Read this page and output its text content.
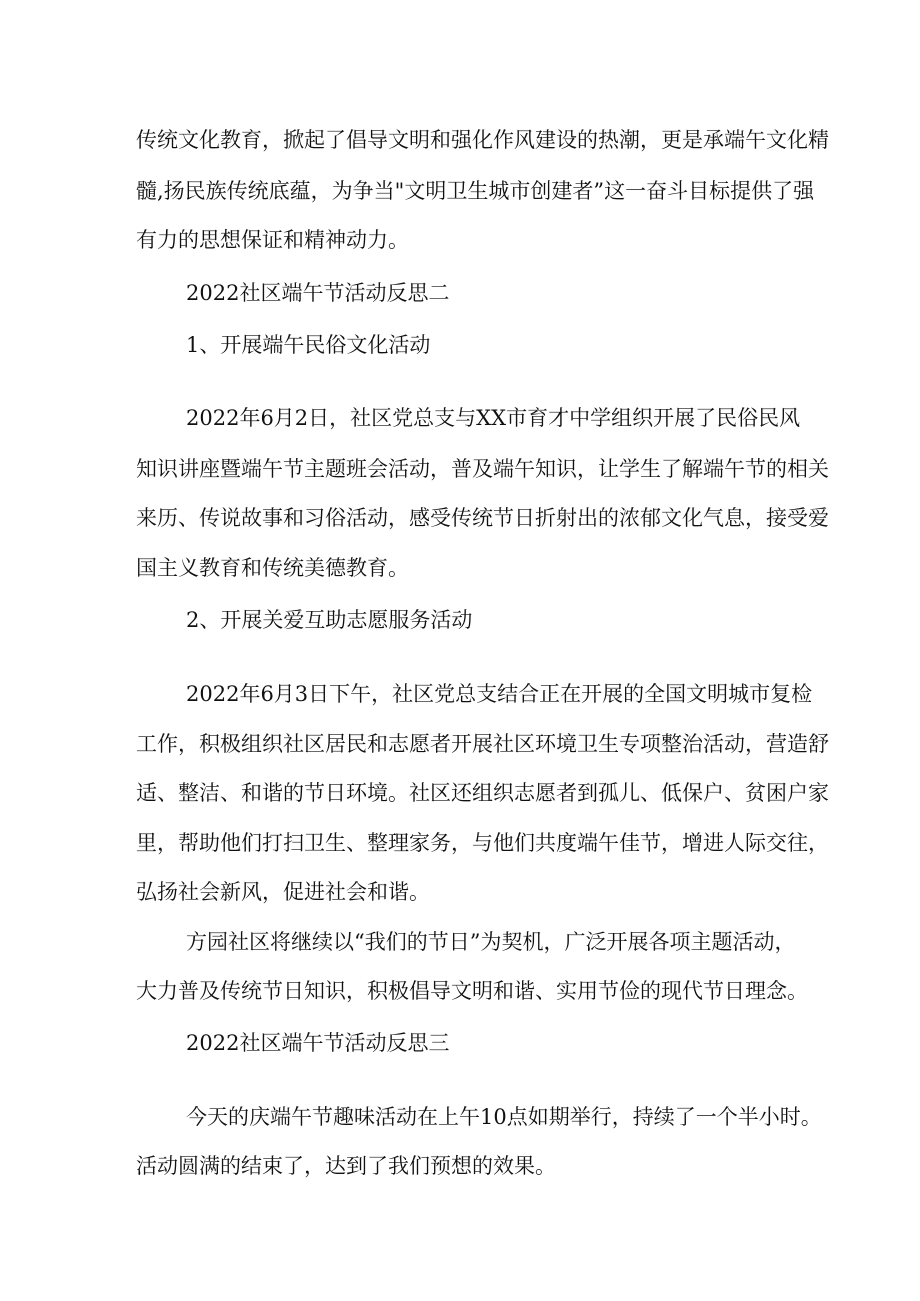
传统文化教育，掀起了倡导文明和强化作风建设的热潮，更是承端午文化精

髓,扬民族传统底蕴，为争当"文明卫生城市创建者”这一奋斗目标提供了强

有力的思想保证和精神动力。

2022社区端午节活动反思二

1、开展端午民俗文化活动

2022年6月2日，社区党总支与XX市育才中学组织开展了民俗民风

知识讲座暨端午节主题班会活动，普及端午知识，让学生了解端午节的相关

来历、传说故事和习俗活动，感受传统节日折射出的浓郁文化气息，接受爱

国主义教育和传统美德教育。

2、开展关爱互助志愿服务活动

2022年6月3日下午，社区党总支结合正在开展的全国文明城市复检

工作，积极组织社区居民和志愿者开展社区环境卫生专项整治活动，营造舒

适、整洁、和谐的节日环境。社区还组织志愿者到孤儿、低保户、贫困户家

里，帮助他们打扫卫生、整理家务，与他们共度端午佳节，增进人际交往，

弘扬社会新风，促进社会和谐。

方园社区将继续以“我们的节日”为契机，广泛开展各项主题活动，

大力普及传统节日知识，积极倡导文明和谐、实用节俭的现代节日理念。

2022社区端午节活动反思三

今天的庆端午节趣味活动在上午10点如期举行，持续了一个半小时。

活动圆满的结束了，达到了我们预想的效果。
